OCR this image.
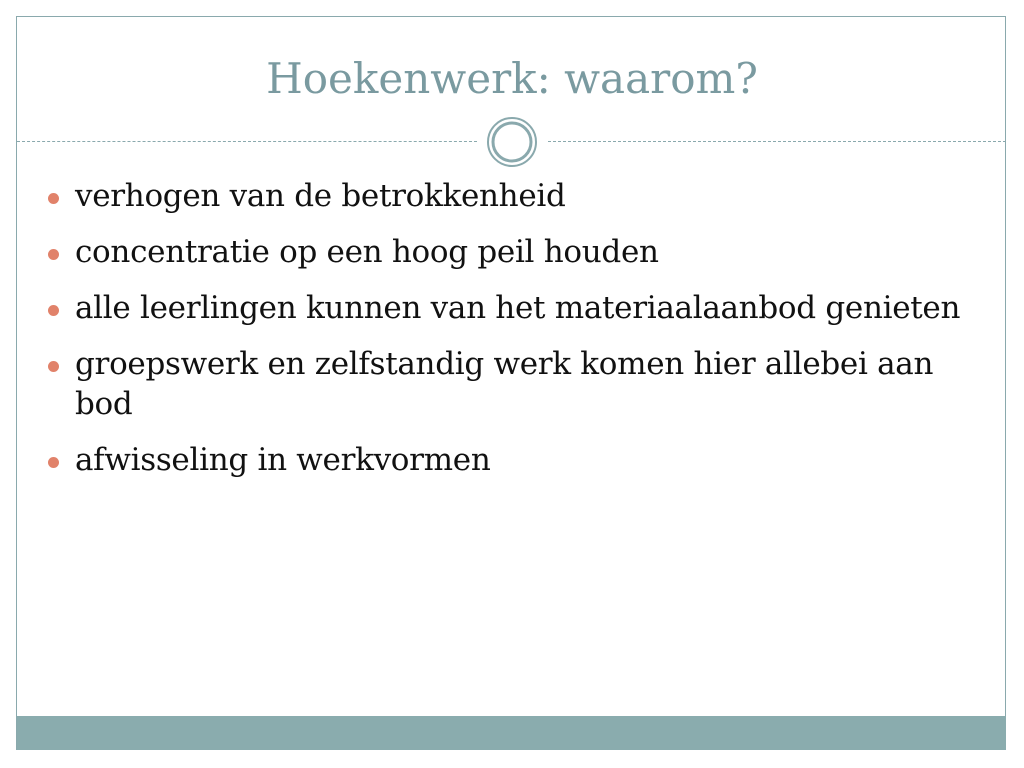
Hoekenwerk: waarom?
verhogen van de betrokkenheid
concentratie op een hoog peil houden
alle leerlingen kunnen van het materiaalaanbod genieten
groepswerk en zelfstandig werk komen hier allebei aan bod
afwisseling in werkvormen
